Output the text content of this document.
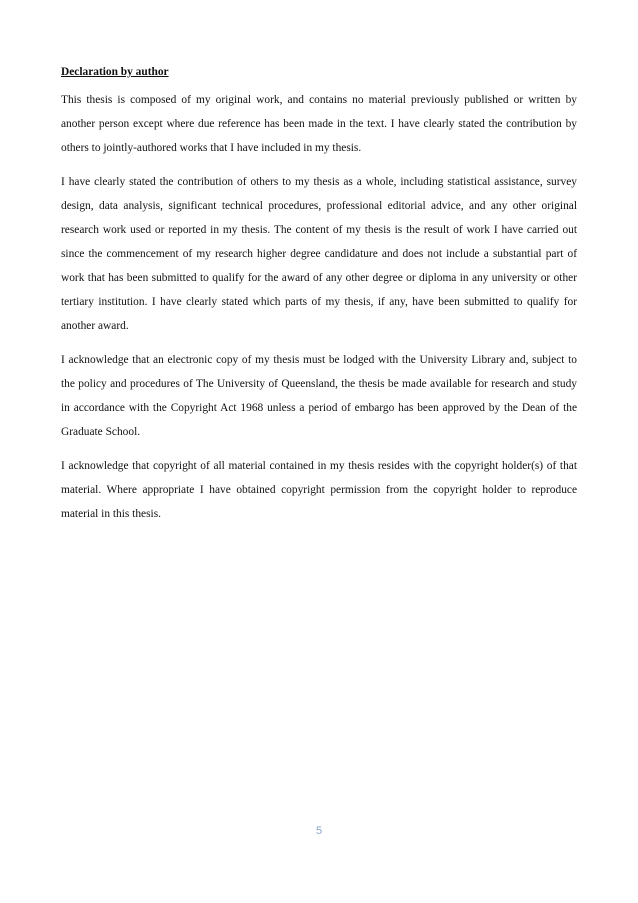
Declaration by author

This thesis is composed of my original work, and contains no material previously published or written by another person except where due reference has been made in the text. I have clearly stated the contribution by others to jointly-authored works that I have included in my thesis.

I have clearly stated the contribution of others to my thesis as a whole, including statistical assistance, survey design, data analysis, significant technical procedures, professional editorial advice, and any other original research work used or reported in my thesis. The content of my thesis is the result of work I have carried out since the commencement of my research higher degree candidature and does not include a substantial part of work that has been submitted to qualify for the award of any other degree or diploma in any university or other tertiary institution. I have clearly stated which parts of my thesis, if any, have been submitted to qualify for another award.

I acknowledge that an electronic copy of my thesis must be lodged with the University Library and, subject to the policy and procedures of The University of Queensland, the thesis be made available for research and study in accordance with the Copyright Act 1968 unless a period of embargo has been approved by the Dean of the Graduate School.

I acknowledge that copyright of all material contained in my thesis resides with the copyright holder(s) of that material. Where appropriate I have obtained copyright permission from the copyright holder to reproduce material in this thesis.

5
